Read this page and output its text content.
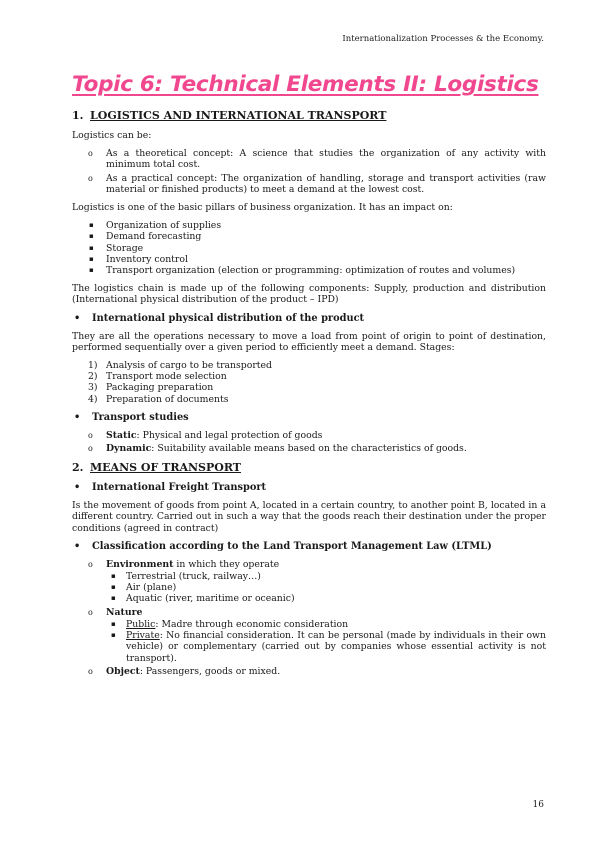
Internationalization Processes & the Economy.
Topic 6: Technical Elements II: Logistics
1. LOGISTICS AND INTERNATIONAL TRANSPORT

Logistics can be:

o As a theoretical concept: A science that studies the organization of any activity with minimum total cost.
o As a practical concept: The organization of handling, storage and transport activities (raw material or finished products) to meet a demand at the lowest cost.

Logistics is one of the basic pillars of business organization. It has an impact on:

▪ Organization of supplies
▪ Demand forecasting
▪ Storage
▪ Inventory control
▪ Transport organization (election or programming: optimization of routes and volumes)

The logistics chain is made up of the following components: Supply, production and distribution (International physical distribution of the product – IPD)

• International physical distribution of the product

They are all the operations necessary to move a load from point of origin to point of destination, performed sequentially over a given period to efficiently meet a demand. Stages:

1) Analysis of cargo to be transported
2) Transport mode selection
3) Packaging preparation
4) Preparation of documents
• Transport studies
o Static: Physical and legal protection of goods
o Dynamic: Suitability available means based on the characteristics of goods.
2. MEANS OF TRANSPORT
• International Freight Transport

Is the movement of goods from point A, located in a certain country, to another point B, located in a different country. Carried out in such a way that the goods reach their destination under the proper conditions (agreed in contract)

• Classification according to the Land Transport Management Law (LTML)
o Environment in which they operate
▪ Terrestrial (truck, railway…)
▪ Air (plane)
▪ Aquatic (river, maritime or oceanic)
o Nature
▪ Public: Madre through economic consideration
▪ Private: No financial consideration. It can be personal (made by individuals in their own vehicle) or complementary (carried out by companies whose essential activity is not transport).
o Object: Passengers, goods or mixed.
16
